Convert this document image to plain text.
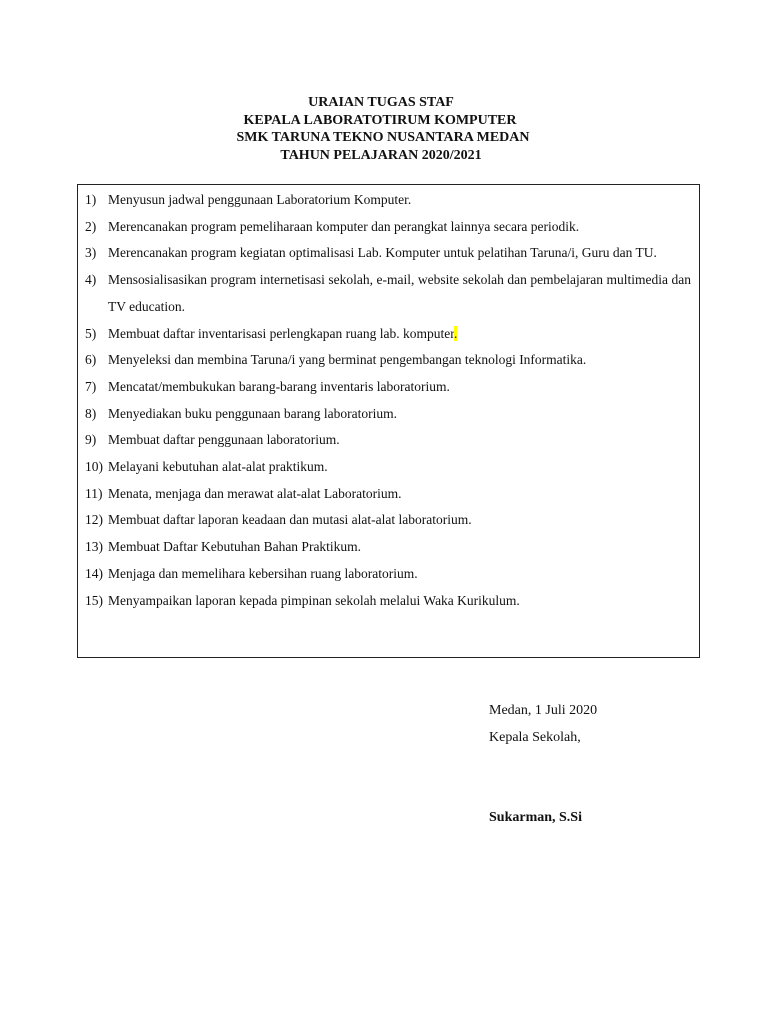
URAIAN TUGAS STAF
KEPALA LABORATOTIRUM KOMPUTER
SMK TARUNA TEKNO NUSANTARA MEDAN
TAHUN PELAJARAN 2020/2021
1) Menyusun jadwal penggunaan Laboratorium Komputer.
2) Merencanakan program pemeliharaan komputer dan perangkat lainnya secara periodik.
3) Merencanakan program kegiatan optimalisasi Lab. Komputer untuk pelatihan Taruna/i, Guru dan TU.
4) Mensosialisasikan program internetisasi sekolah, e-mail, website sekolah dan pembelajaran multimedia dan TV education.
5) Membuat daftar inventarisasi perlengkapan ruang lab. komputer.
6) Menyeleksi dan membina Taruna/i yang berminat pengembangan teknologi Informatika.
7) Mencatat/membukukan barang-barang inventaris laboratorium.
8) Menyediakan buku penggunaan barang laboratorium.
9) Membuat daftar penggunaan laboratorium.
10) Melayani kebutuhan alat-alat praktikum.
11) Menata, menjaga dan merawat alat-alat Laboratorium.
12) Membuat daftar laporan keadaan dan mutasi alat-alat laboratorium.
13) Membuat Daftar Kebutuhan Bahan Praktikum.
14) Menjaga dan memelihara kebersihan ruang laboratorium.
15) Menyampaikan laporan kepada pimpinan sekolah melalui Waka Kurikulum.
Medan, 1 Juli 2020
Kepala Sekolah,
Sukarman, S.Si
